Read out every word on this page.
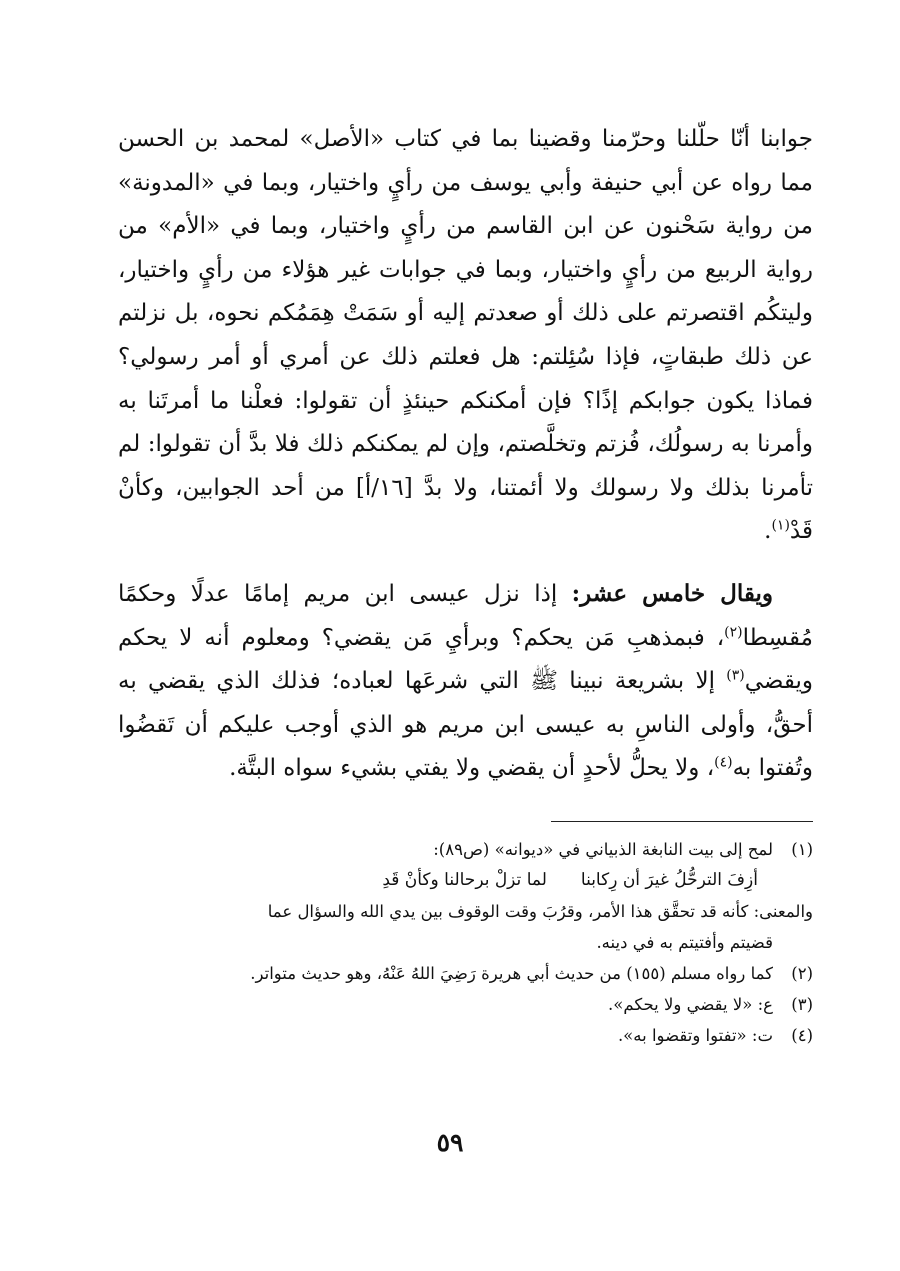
جوابنا أنّا حلّلنا وحرّمنا وقضينا بما في كتاب «الأصل» لمحمد بن الحسن مما رواه عن أبي حنيفة وأبي يوسف من رأيٍ واختيار، وبما في «المدونة» من رواية سَحْنون عن ابن القاسم من رأيٍ واختيار، وبما في «الأم» من رواية الربيع من رأيٍ واختيار، وبما في جوابات غير هؤلاء من رأيٍ واختيار، وليتكُم اقتصرتم على ذلك أو صعدتم إليه أو سَمَتْ هِمَمُكم نحوه، بل نزلتم عن ذلك طبقاتٍ، فإذا سُئِلتم: هل فعلتم ذلك عن أمري أو أمر رسولي؟ فماذا يكون جوابكم إذًا؟ فإن أمكنكم حينئذٍ أن تقولوا: فعلْنا ما أمرتَنا به وأمرنا به رسولُك، فُزتم وتخلَّصتم، وإن لم يمكنكم ذلك فلا بدَّ أن تقولوا: لم تأمرنا بذلك ولا رسولك ولا أئمتنا، ولا بدَّ [١٦/أ] من أحد الجوابين، وكأنْ قَدْ$^{(١)}$.

ويقال خامس عشر: إذا نزل عيسى ابن مريم إمامًا عدلًا وحكمًا مُقسِطا$^{(٢)}$، فبمذهبِ مَن يحكم؟ وبرأيِ مَن يقضي؟ ومعلوم أنه لا يحكم ويقضي$^{(٣)}$ إلا بشريعة نبينا ﷺ التي شرعَها لعباده؛ فذلك الذي يقضي به أحقُّ، وأولى الناسِ به عيسى ابن مريم هو الذي أوجب عليكم أن تَقضُوا وتُفتوا به$^{(٤)}$، ولا يحلُّ لأحدٍ أن يقضي ولا يفتي بشيء سواه البتَّة.

(١)
لمح إلى بيت النابغة الذبياني في «ديوانه» (ص٨٩):
أزِفَ الترحُّلُ غيرَ أن رِكابنا
لما تزلْ برحالنا وكأنْ قَدِ
والمعنى: كأنه قد تحقَّق هذا الأمر، وقرُبَ وقت الوقوف بين يدي الله والسؤال عما
قضيتم وأفتيتم به في دينه.
(٢)
كما رواه مسلم (١٥٥) من حديث أبي هريرة رَضِيَ اللهُ عَنْهُ، وهو حديث متواتر.
(٣)
ع: «لا يقضي ولا يحكم».
(٤)
ت: «تفتوا وتقضوا به».
٥٩
